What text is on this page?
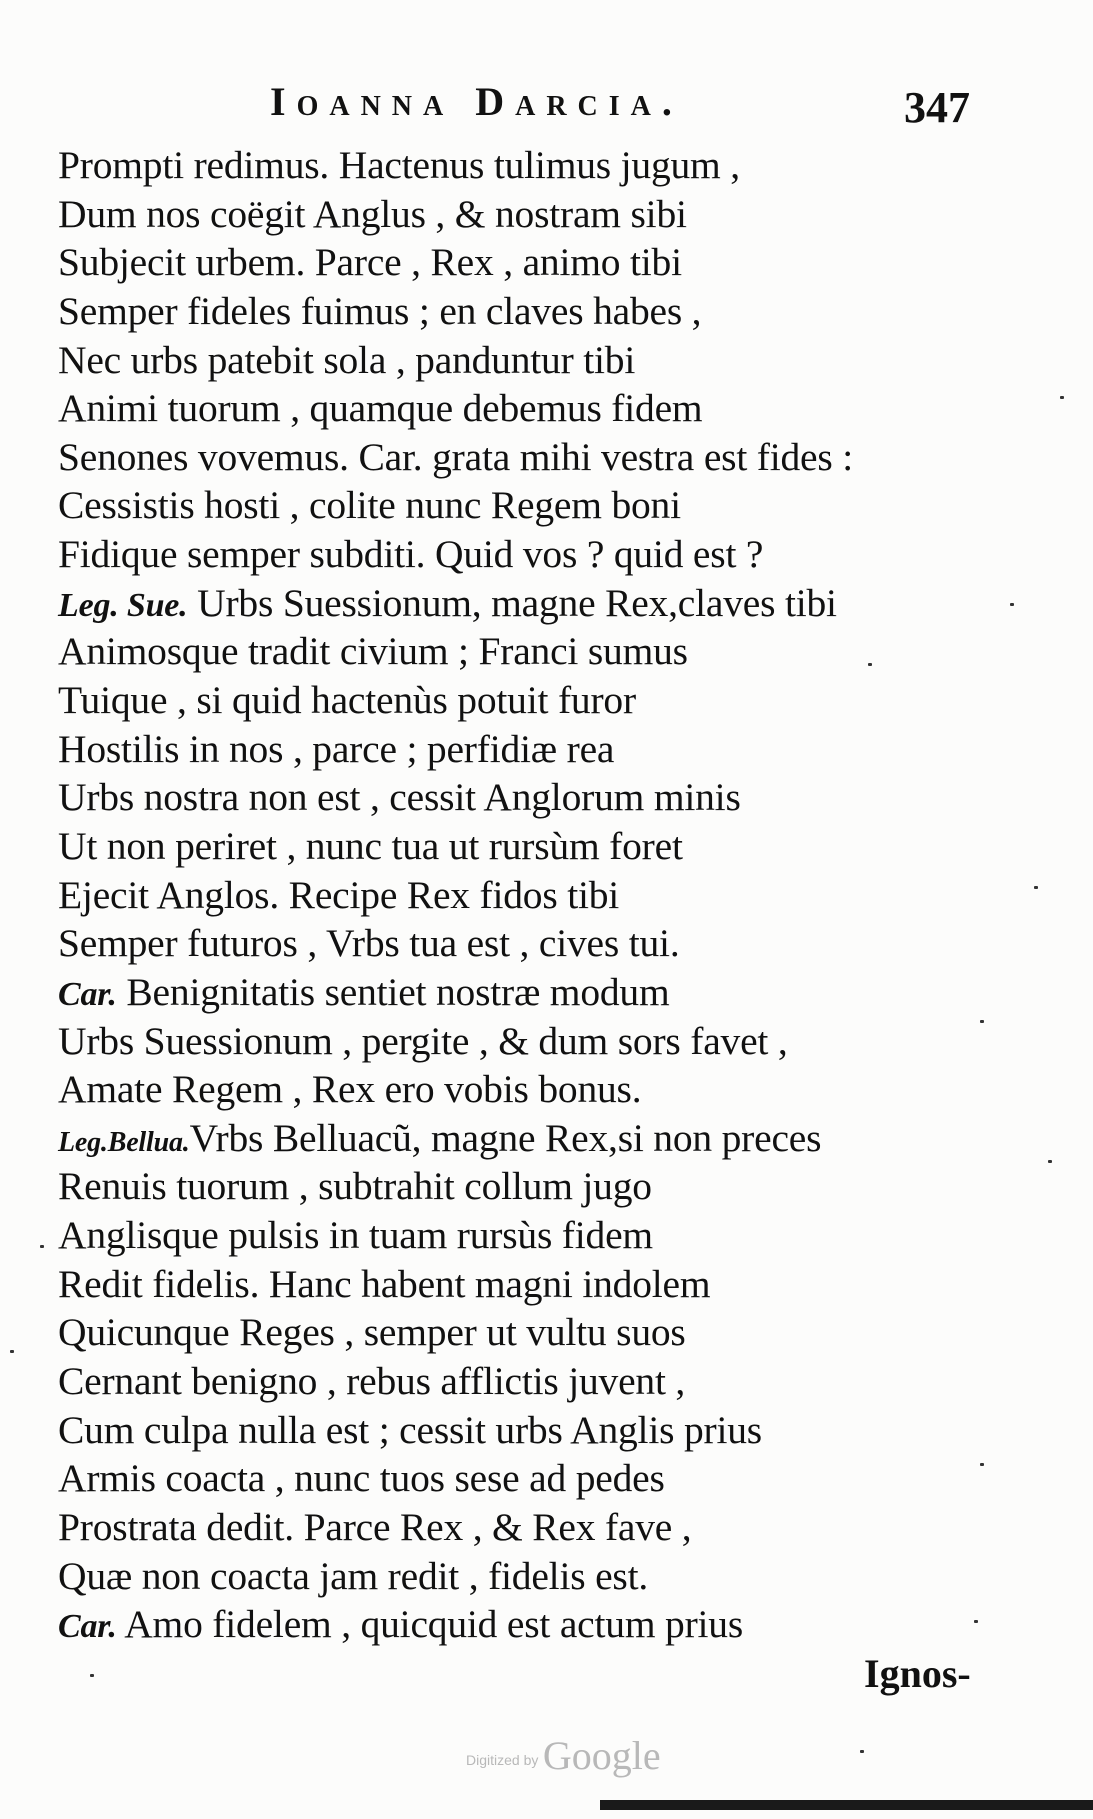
Ioanna Darcia.	347
Prompti redimus. Hactenus tulimus jugum ,
Dum nos coëgit Anglus , & nostram sibi
Subjecit urbem. Parce , Rex , animo tibi
Semper fideles fuimus ; en claves habes ,
Nec urbs patebit sola , panduntur tibi
Animi tuorum , quamque debemus fidem
Senones vovemus. Car. grata mihi vestra est fides :
Cessistis hosti , colite nunc Regem boni
Fidique semper subditi. Quid vos ? quid est ?
Leg. Sue. Urbs Suessionum, magne Rex,claves tibi
Animosque tradit civium ; Franci sumus
Tuique , si quid hactenùs potuit furor
Hostilis in nos , parce ; perfidiæ rea
Urbs nostra non est , cessit Anglorum minis
Ut non periret , nunc tua ut rursùm foret
Ejecit Anglos. Recipe Rex fidos tibi
Semper futuros , Vrbs tua est , cives tui.
Car. Benignitatis sentiet nostræ modum
Urbs Suessionum , pergite , & dum sors favet ,
Amate Regem , Rex ero vobis bonus.
Leg.Bellua.Vrbs Belluacũ, magne Rex,si non preces
Renuis tuorum , subtrahit collum jugo
Anglisque pulsis in tuam rursùs fidem
Redit fidelis. Hanc habent magni indolem
Quicunque Reges , semper ut vultu suos
Cernant benigno , rebus afflictis juvent ,
Cum culpa nulla est ; cessit urbs Anglis prius
Armis coacta , nunc tuos sese ad pedes
Prostrata dedit. Parce Rex , & Rex fave ,
Quæ non coacta jam redit , fidelis est.
Car. Amo fidelem , quicquid est actum prius
Ignos-
Digitized by Google
